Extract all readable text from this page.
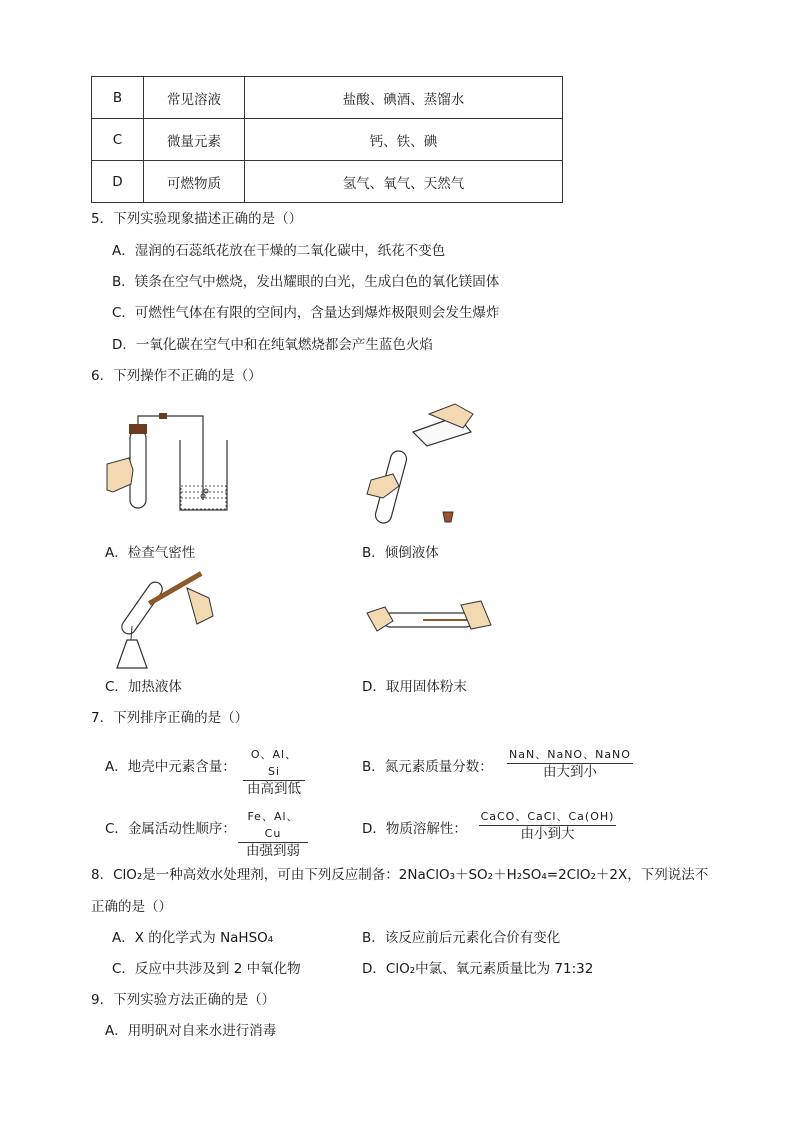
B	常见溶液	盐酸、碘酒、蒸馏水
C	微量元素	钙、铁、碘
D	可燃物质	氢气、氧气、天然气
5．下列实验现象描述正确的是（）
A．湿润的石蕊纸花放在干燥的二氧化碳中，纸花不变色
B．镁条在空气中燃烧，发出耀眼的白光，生成白色的氧化镁固体
C．可燃性气体在有限的空间内，含量达到爆炸极限则会发生爆炸
D．一氧化碳在空气中和在纯氧燃烧都会产生蓝色火焰
6．下列操作不正确的是（）
A．检查气密性	B．倾倒液体
C．加热液体	D．取用固体粉末
7．下列排序正确的是（）
A．地壳中元素含量：
O、Al、Si
由高到低
B．氮元素质量分数：
NaN、NaNO、NaNO
由大到小
C．金属活动性顺序：
Fe、Al、Cu
由强到弱
D．物质溶解性：
CaCO、CaCl、Ca(OH)
由小到大
8．ClO₂是一种高效水处理剂，可由下列反应制备：2NaClO₃＋SO₂＋H₂SO₄=2ClO₂＋2X，下列说法不
正确的是（）
A．X 的化学式为 NaHSO₄	B．该反应前后元素化合价有变化
C．反应中共涉及到 2 中氧化物	D．ClO₂中氯、氧元素质量比为 71:32
9．下列实验方法正确的是（）
A．用明矾对自来水进行消毒
